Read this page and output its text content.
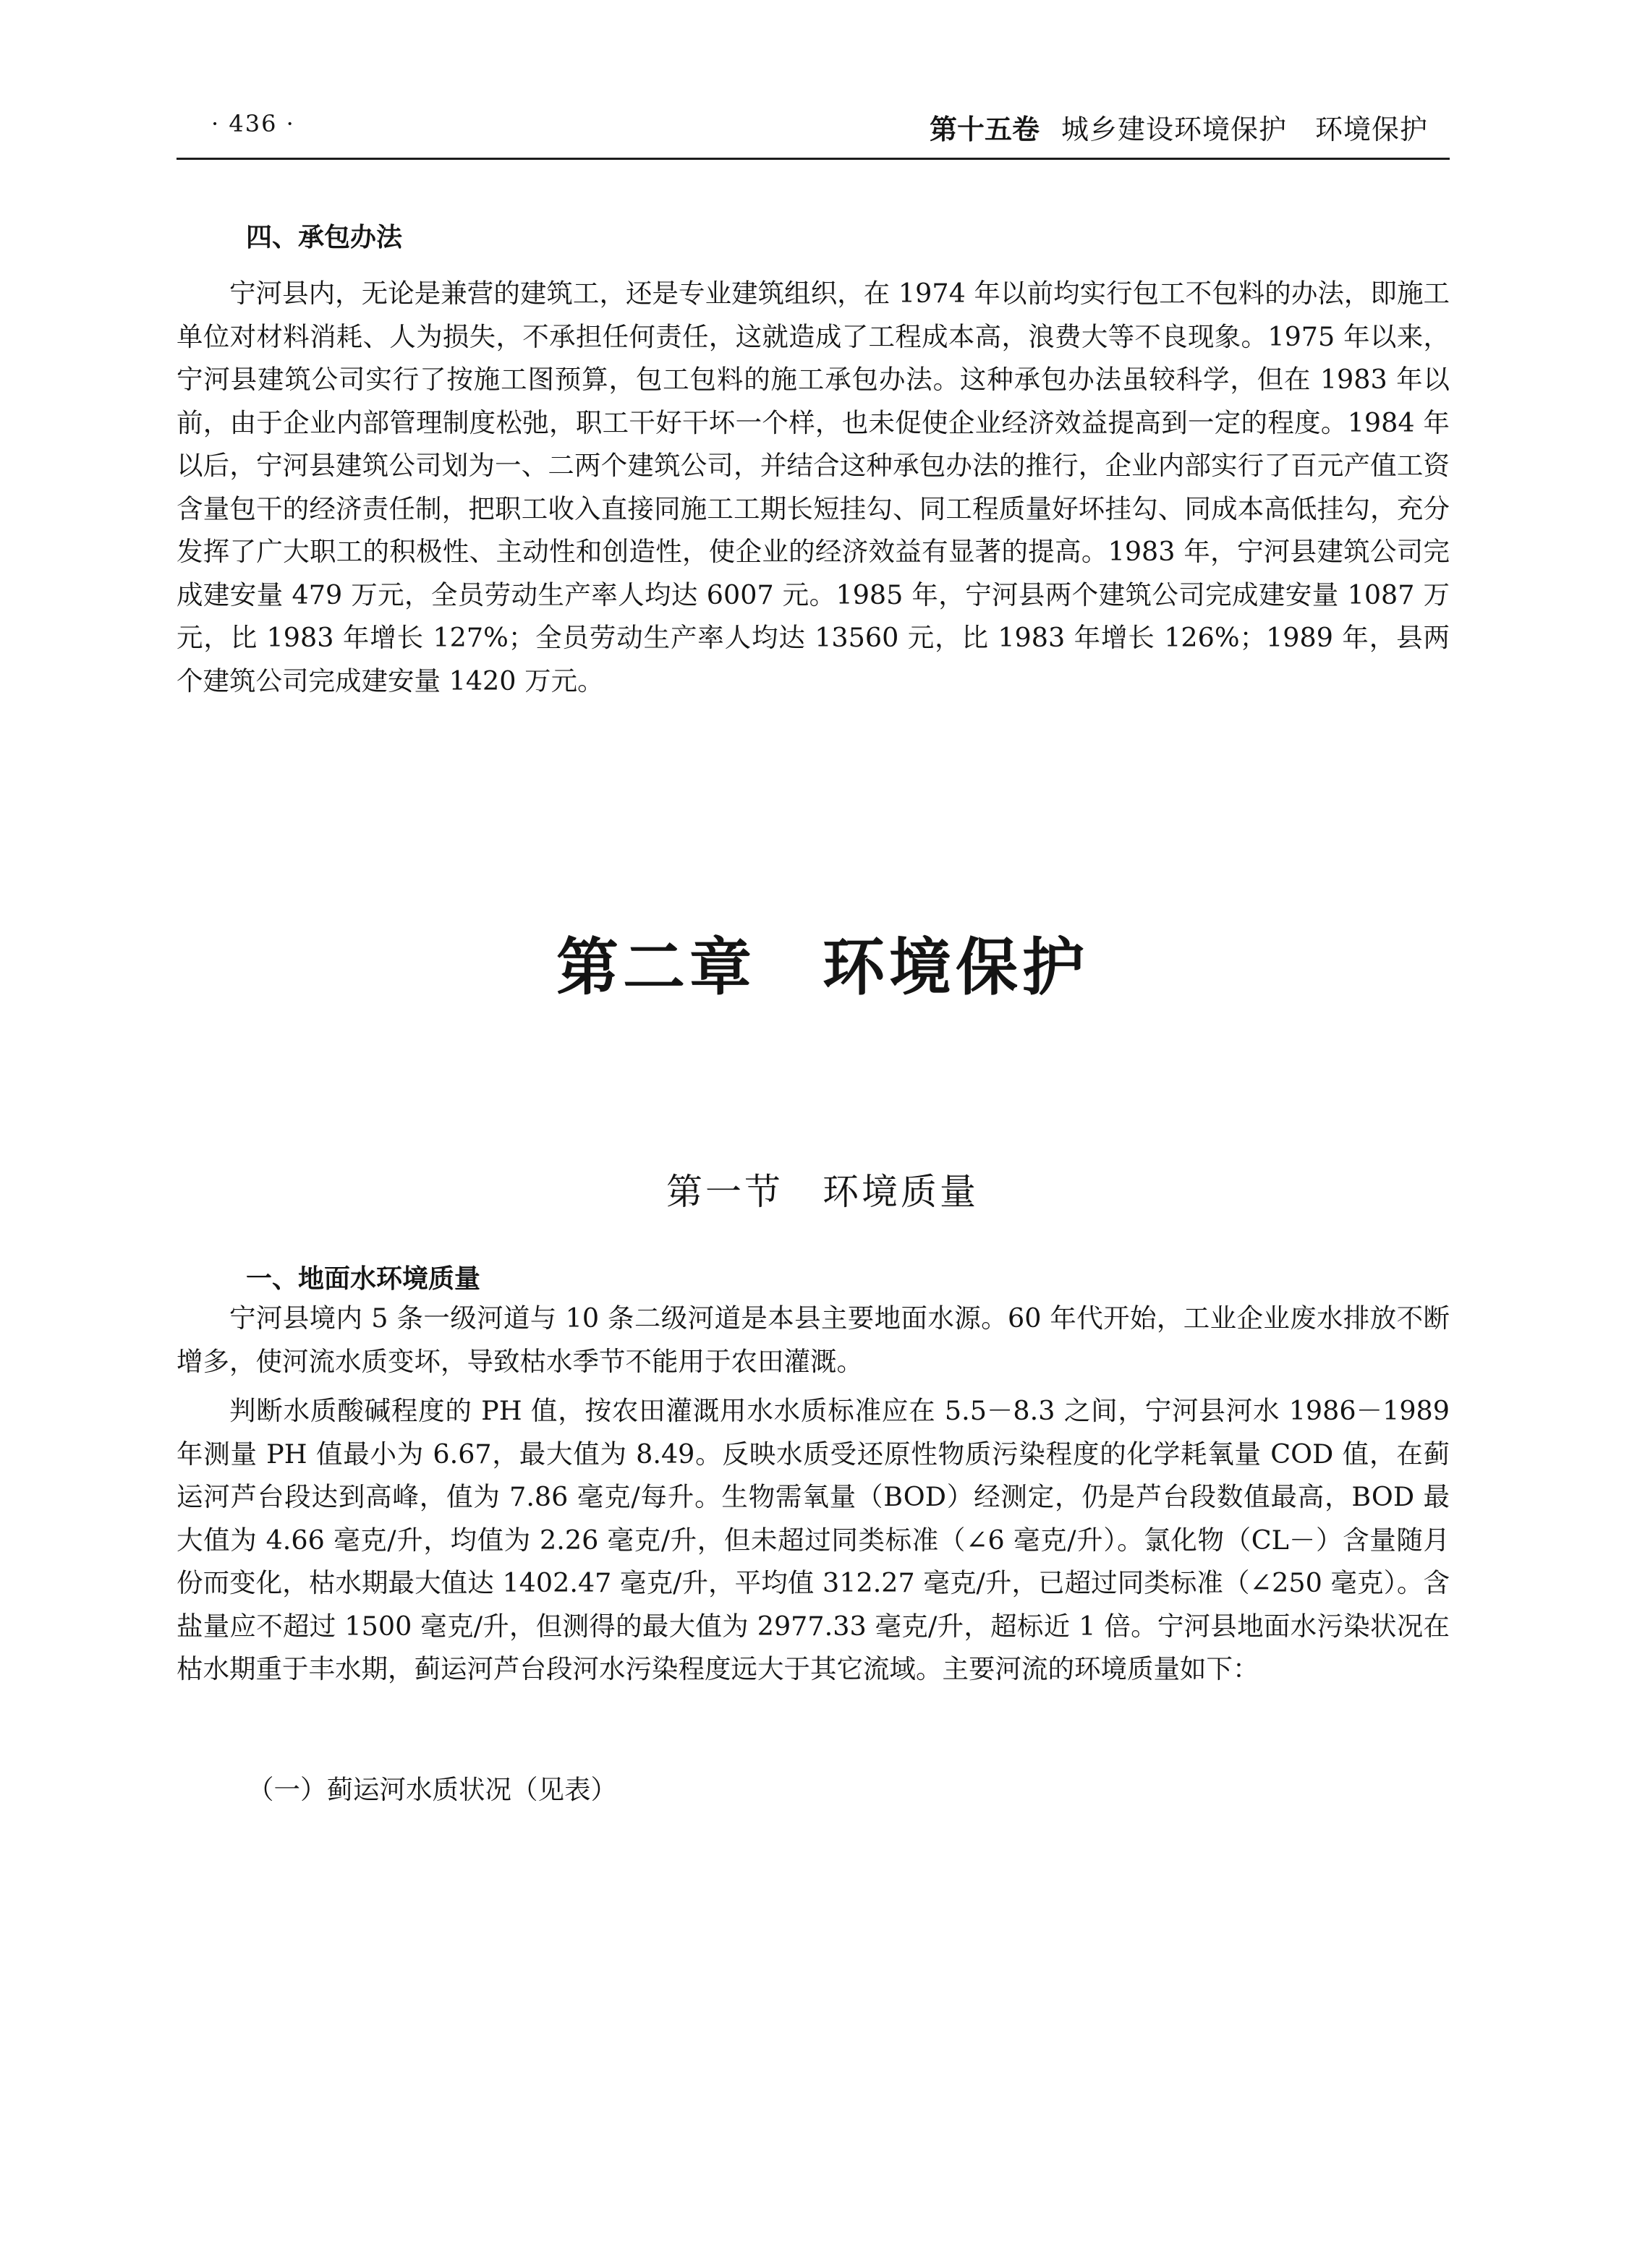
· 436 ·	第十五卷 城乡建设环境保护　环境保护
四、承包办法

宁河县内，无论是兼营的建筑工，还是专业建筑组织，在 1974 年以前均实行包工不包料的办法，即施工单位对材料消耗、人为损失，不承担任何责任，这就造成了工程成本高，浪费大等不良现象。1975 年以来，宁河县建筑公司实行了按施工图预算，包工包料的施工承包办法。这种承包办法虽较科学，但在 1983 年以前，由于企业内部管理制度松弛，职工干好干坏一个样，也未促使企业经济效益提高到一定的程度。1984 年以后，宁河县建筑公司划为一、二两个建筑公司，并结合这种承包办法的推行，企业内部实行了百元产值工资含量包干的经济责任制，把职工收入直接同施工工期长短挂勾、同工程质量好坏挂勾、同成本高低挂勾，充分发挥了广大职工的积极性、主动性和创造性，使企业的经济效益有显著的提高。1983 年，宁河县建筑公司完成建安量 479 万元，全员劳动生产率人均达 6007 元。1985 年，宁河县两个建筑公司完成建安量 1087 万元，比 1983 年增长 127%；全员劳动生产率人均达 13560 元，比 1983 年增长 126%；1989 年，县两个建筑公司完成建安量 1420 万元。

第二章　环境保护
第一节　环境质量
一、地面水环境质量

宁河县境内 5 条一级河道与 10 条二级河道是本县主要地面水源。60 年代开始，工业企业废水排放不断增多，使河流水质变坏，导致枯水季节不能用于农田灌溉。

判断水质酸碱程度的 PH 值，按农田灌溉用水水质标准应在 5.5－8.3 之间，宁河县河水 1986－1989 年测量 PH 值最小为 6.67，最大值为 8.49。反映水质受还原性物质污染程度的化学耗氧量 COD 值，在蓟运河芦台段达到高峰，值为 7.86 毫克/每升。生物需氧量（BOD）经测定，仍是芦台段数值最高，BOD 最大值为 4.66 毫克/升，均值为 2.26 毫克/升，但未超过同类标准（∠6 毫克/升）。氯化物（CL－）含量随月份而变化，枯水期最大值达 1402.47 毫克/升，平均值 312.27 毫克/升，已超过同类标准（∠250 毫克）。含盐量应不超过 1500 毫克/升，但测得的最大值为 2977.33 毫克/升，超标近 1 倍。宁河县地面水污染状况在枯水期重于丰水期，蓟运河芦台段河水污染程度远大于其它流域。主要河流的环境质量如下：

（一）蓟运河水质状况（见表）
